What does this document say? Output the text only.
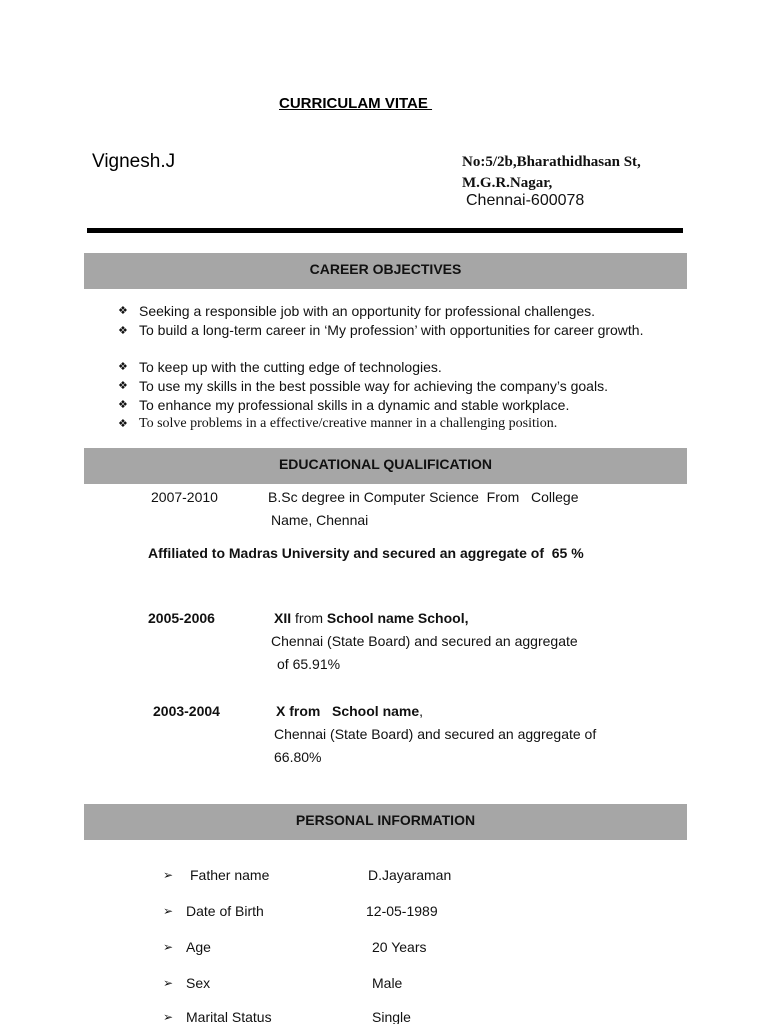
CURRICULAM VITAE
Vignesh.J	No:5/2b,Bharathidhasan St,
M.G.R.Nagar,
Chennai-600078
CAREER OBJECTIVES
❖ Seeking a responsible job with an opportunity for professional challenges.
❖ To build a long-term career in ‘My profession’ with opportunities for career growth.
❖ To keep up with the cutting edge of technologies.
❖ To use my skills in the best possible way for achieving the company’s goals.
❖ To enhance my professional skills in a dynamic and stable workplace.
❖ To solve problems in a effective/creative manner in a challenging position.
EDUCATIONAL QUALIFICATION
2007-2010	B.Sc degree in Computer Science  From   College
Name, Chennai
Affiliated to Madras University and secured an aggregate of  65 %
2005-2006	XII from School name School,
Chennai (State Board) and secured an aggregate
of 65.91%
2003-2004	X from   School name,
Chennai (State Board) and secured an aggregate of
66.80%
PERSONAL INFORMATION
➢ Father name	D.Jayaraman
➢ Date of Birth	12-05-1989
➢ Age	20 Years
➢ Sex	Male
➢ Marital Status	Single
